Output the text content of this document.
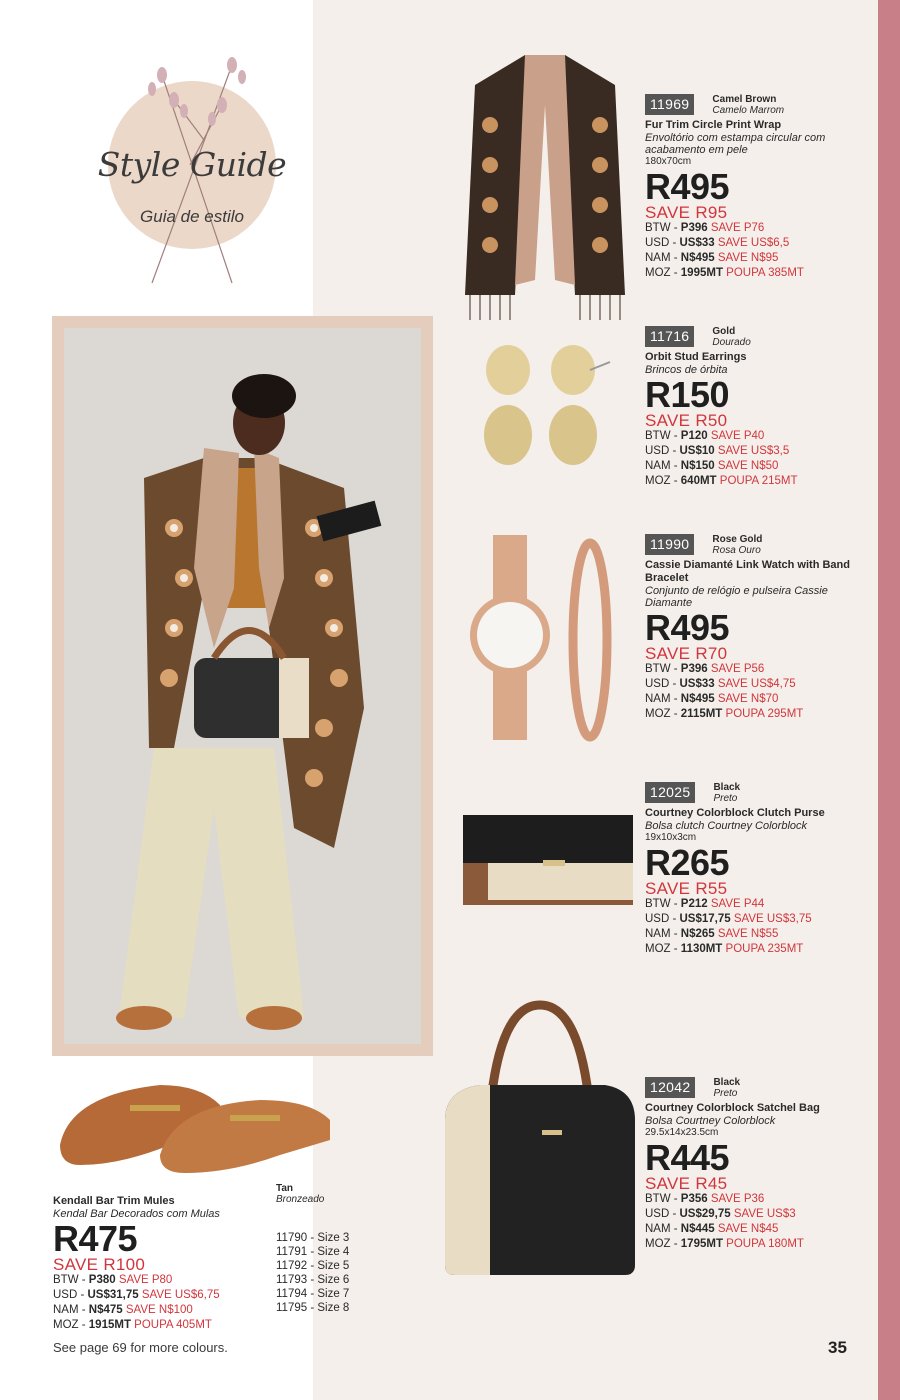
Style Guide
Guia de estilo
11969	Camel Brown
Camelo Marrom
Fur Trim Circle Print Wrap
Envoltório com estampa circular com acabamento em pele
180x70cm
R495
SAVE R95
BTW - P396 SAVE P76
USD - US$33 SAVE US$6,5
NAM - N$495 SAVE N$95
MOZ - 1995MT POUPA 385MT
11716	Gold
Dourado
Orbit Stud Earrings
Brincos de órbita
R150
SAVE R50
BTW - P120 SAVE P40
USD - US$10 SAVE US$3,5
NAM - N$150 SAVE N$50
MOZ - 640MT POUPA 215MT
11990	Rose Gold
Rosa Ouro
Cassie Diamanté Link Watch with Band Bracelet
Conjunto de relógio e pulseira Cassie Diamante
R495
SAVE R70
BTW - P396 SAVE P56
USD - US$33 SAVE US$4,75
NAM - N$495 SAVE N$70
MOZ - 2115MT POUPA 295MT
12025	Black
Preto
Courtney Colorblock Clutch Purse
Bolsa clutch Courtney Colorblock
19x10x3cm
R265
SAVE R55
BTW - P212 SAVE P44
USD - US$17,75 SAVE US$3,75
NAM - N$265 SAVE N$55
MOZ - 1130MT POUPA 235MT
12042	Black
Preto
Courtney Colorblock Satchel Bag
Bolsa Courtney Colorblock
29.5x14x23.5cm
R445
SAVE R45
BTW - P356 SAVE P36
USD - US$29,75 SAVE US$3
NAM - N$445 SAVE N$45
MOZ - 1795MT POUPA 180MT
Kendall Bar Trim Mules
Kendal Bar Decorados com Mulas
R475
SAVE R100
BTW - P380 SAVE P80
USD - US$31,75 SAVE US$6,75
NAM - N$475 SAVE N$100
MOZ - 1915MT POUPA 405MT
Tan
Bronzeado
11790 - Size 3
11791 - Size 4
11792 - Size 5
11793 - Size 6
11794 - Size 7
11795 - Size 8
See page 69 for more colours.	35
